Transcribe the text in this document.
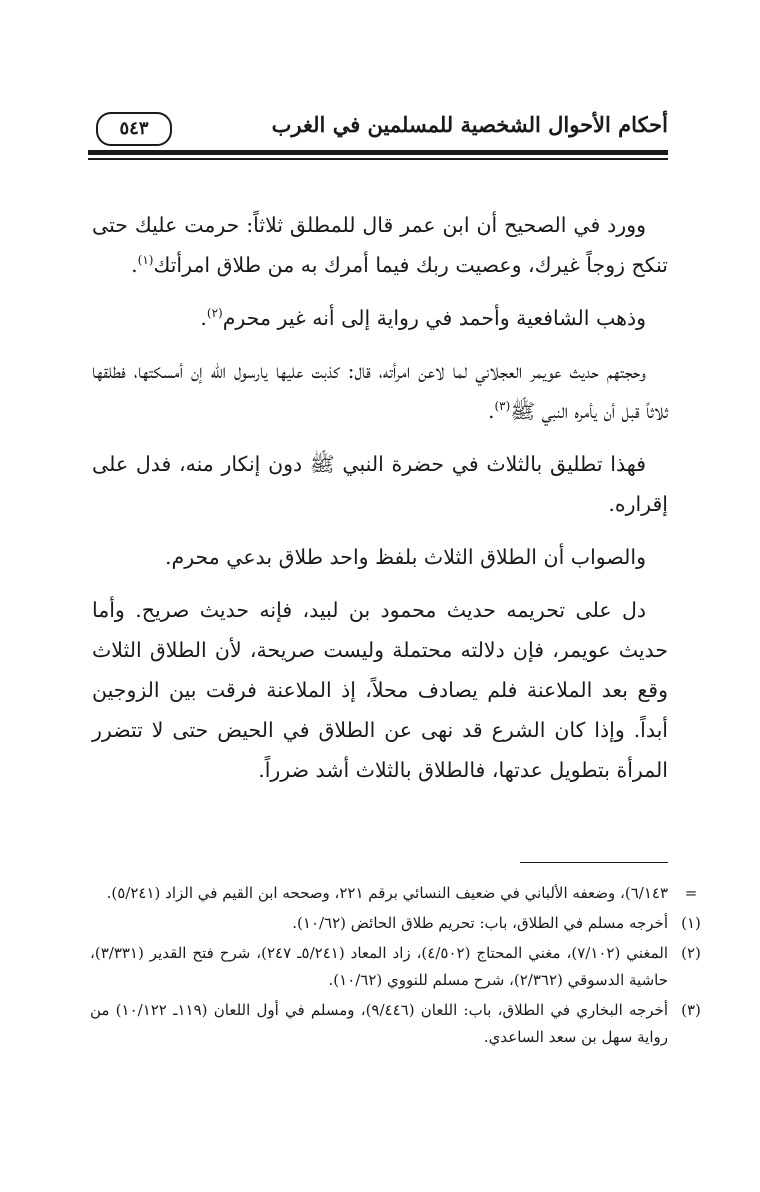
أحكام الأحوال الشخصية للمسلمين في الغرب
٥٤٣

وورد في الصحيح أن ابن عمر قال للمطلق ثلاثاً: حرمت عليك حتى تنكح زوجاً غيرك، وعصيت ربك فيما أمرك به من طلاق امرأتك$^{(١)}$.

وذهب الشافعية وأحمد في رواية إلى أنه غير محرم$^{(٢)}$.

وحجتهم حديث عويمر العجلاني لما لاعن امرأته، قال: كذبت عليها يارسول الله إن أمسكتها، فطلقها ثلاثاً قبل أن يأمره النبي ﷺ$^{(٣)}$.

فهذا تطليق بالثلاث في حضرة النبي ﷺ دون إنكار منه، فدل على إقراره.

والصواب أن الطلاق الثلاث بلفظ واحد طلاق بدعي محرم.

دل على تحريمه حديث محمود بن لبيد، فإنه حديث صريح. وأما حديث عويمر، فإن دلالته محتملة وليست صريحة، لأن الطلاق الثلاث وقع بعد الملاعنة فلم يصادف محلاً، إذ الملاعنة فرقت بين الزوجين أبداً. وإذا كان الشرع قد نهى عن الطلاق في الحيض حتى لا تتضرر المرأة بتطويل عدتها، فالطلاق بالثلاث أشد ضرراً.

=
٦/١٤٣)، وضعفه الألباني في ضعيف النسائي برقم ٢٢١، وصححه ابن القيم في الزاد (٥/٢٤١).
(١)
أخرجه مسلم في الطلاق، باب: تحريم طلاق الحائض (١٠/٦٢).
(٢)
المغني (٧/١٠٢)، مغني المحتاج (٤/٥٠٢)، زاد المعاد (٥/٢٤١ـ ٢٤٧)، شرح فتح القدير (٣/٣٣١)، حاشية الدسوقي (٢/٣٦٢)، شرح مسلم للنووي (١٠/٦٢).
(٣)
أخرجه البخاري في الطلاق، باب: اللعان (٩/٤٤٦)، ومسلم في أول اللعان (١١٩ـ ١٠/١٢٢) من رواية سهل بن سعد الساعدي.
